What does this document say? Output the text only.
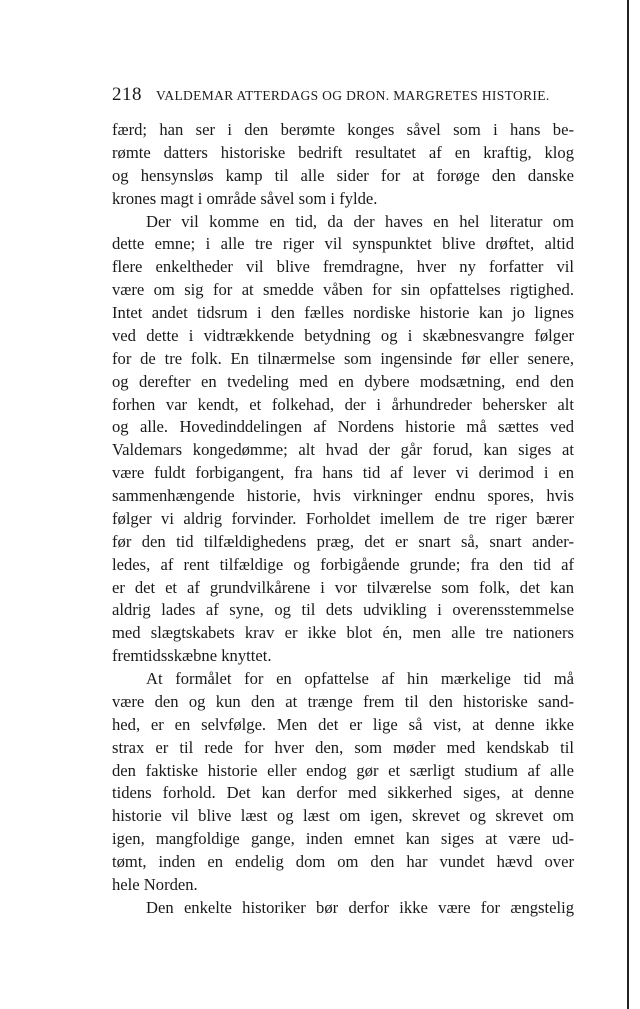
218	VALDEMAR ATTERDAGS OG DRON. MARGRETES HISTORIE.
færd; han ser i den berømte konges såvel som i hans be-
rømte datters historiske bedrift resultatet af en kraftig, klog
og hensynsløs kamp til alle sider for at forøge den danske
krones magt i område såvel som i fylde.
Der vil komme en tid, da der haves en hel literatur om
dette emne; i alle tre riger vil synspunktet blive drøftet, altid
flere enkeltheder vil blive fremdragne, hver ny forfatter vil
være om sig for at smedde våben for sin opfattelses rigtighed.
Intet andet tidsrum i den fælles nordiske historie kan jo lignes
ved dette i vidtrækkende betydning og i skæbnesvangre følger
for de tre folk. En tilnærmelse som ingensinde før eller senere,
og derefter en tvedeling med en dybere modsætning, end den
forhen var kendt, et folkehad, der i århundreder behersker alt
og alle. Hovedinddelingen af Nordens historie må sættes ved
Valdemars kongedømme; alt hvad der går forud, kan siges at
være fuldt forbigangent, fra hans tid af lever vi derimod i en
sammenhængende historie, hvis virkninger endnu spores, hvis
følger vi aldrig forvinder. Forholdet imellem de tre riger bærer
før den tid tilfældighedens præg, det er snart så, snart ander-
ledes, af rent tilfældige og forbigående grunde; fra den tid af
er det et af grundvilkårene i vor tilværelse som folk, det kan
aldrig lades af syne, og til dets udvikling i overensstemmelse
med slægtskabets krav er ikke blot én, men alle tre nationers
fremtidsskæbne knyttet.
At formålet for en opfattelse af hin mærkelige tid må
være den og kun den at trænge frem til den historiske sand-
hed, er en selvfølge. Men det er lige så vist, at denne ikke
strax er til rede for hver den, som møder med kendskab til
den faktiske historie eller endog gør et særligt studium af alle
tidens forhold. Det kan derfor med sikkerhed siges, at denne
historie vil blive læst og læst om igen, skrevet og skrevet om
igen, mangfoldige gange, inden emnet kan siges at være ud-
tømt, inden en endelig dom om den har vundet hævd over
hele Norden.
Den enkelte historiker bør derfor ikke være for ængstelig
